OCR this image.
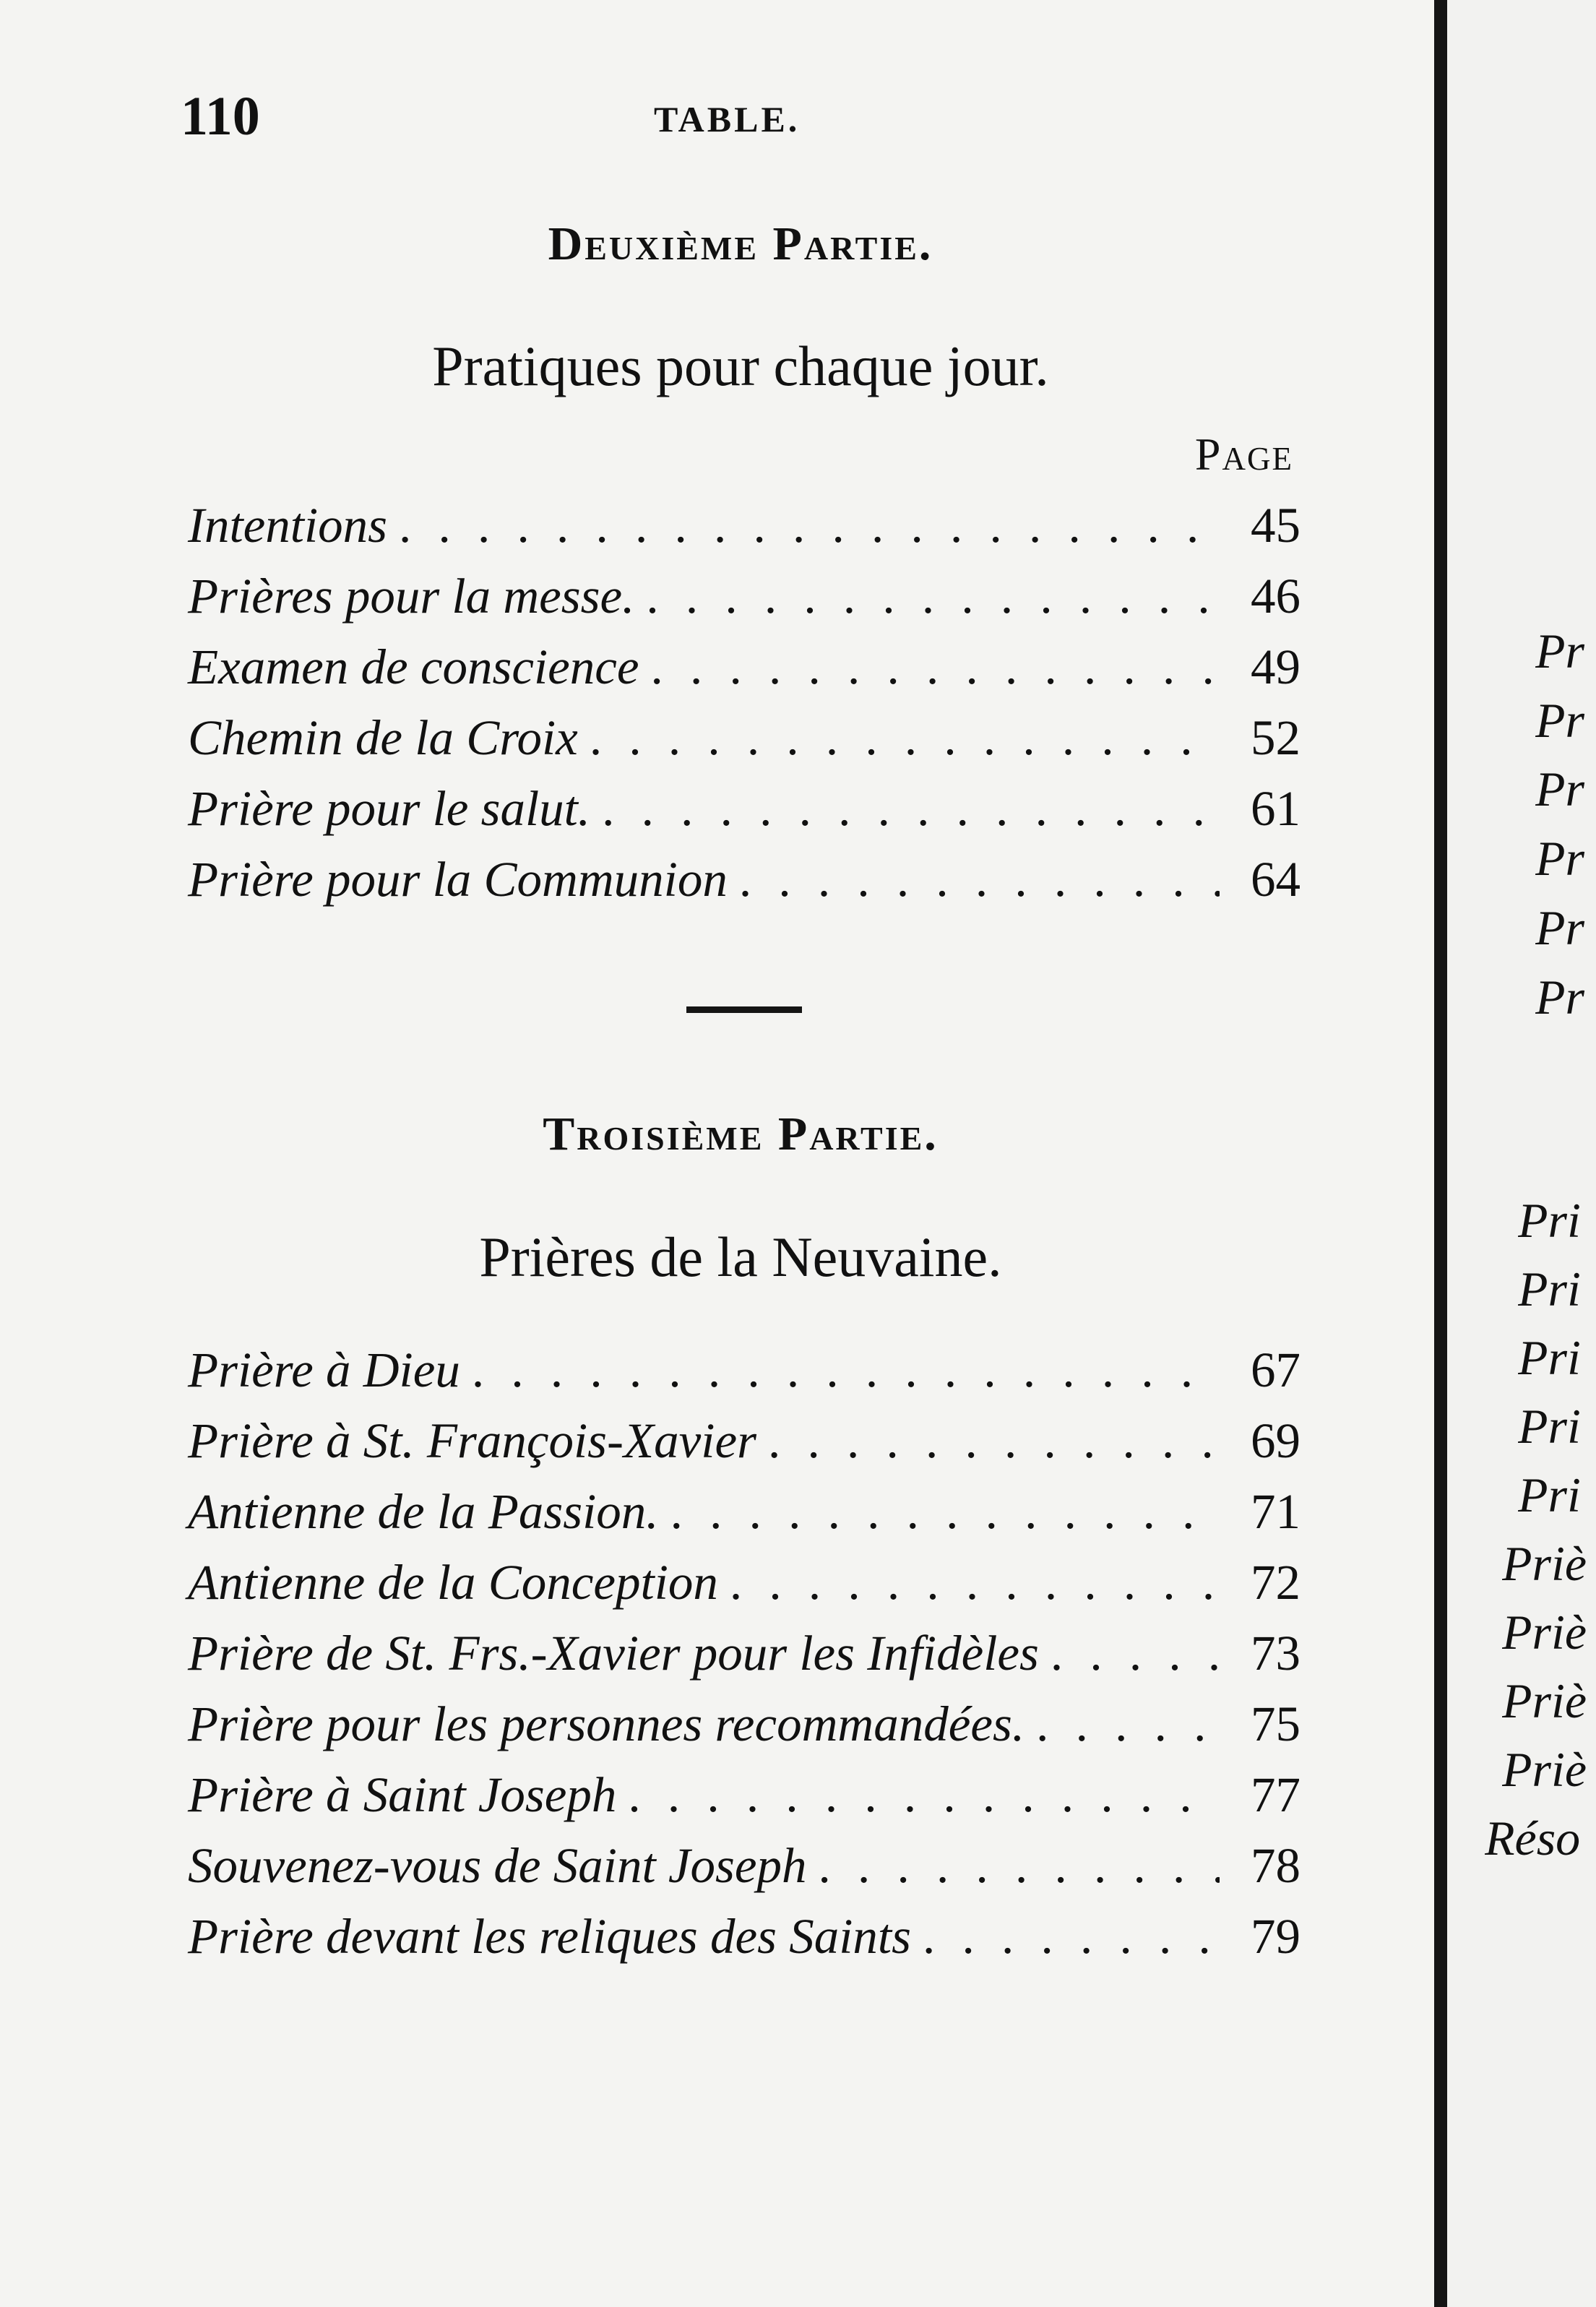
110	TABLE.
Deuxième Partie.
Pratiques pour chaque jour.
Page
Intentions . . .	45
Prières pour la messe. . . .	46
Examen de conscience . . .	49
Chemin de la Croix . . .	52
Prière pour le salut. . . .	61
Prière pour la Communion . . .	64
Troisième Partie.
Prières de la Neuvaine.
Prière à Dieu . . .	67
Prière à St. François-Xavier . . .	69
Antienne de la Passion. . . .	71
Antienne de la Conception . . .	72
Prière de St. Frs.-Xavier pour les Infidèles . . .	73
Prière pour les personnes recommandées. . . .	75
Prière à Saint Joseph . . .	77
Souvenez-vous de Saint Joseph . . .	78
Prière devant les reliques des Saints . . .	79
Pr
Pr
Pr
Pr
Pr
Pr
Pri
Pri
Pri
Pri
Pri
Priè
Priè
Priè
Priè
Réso
